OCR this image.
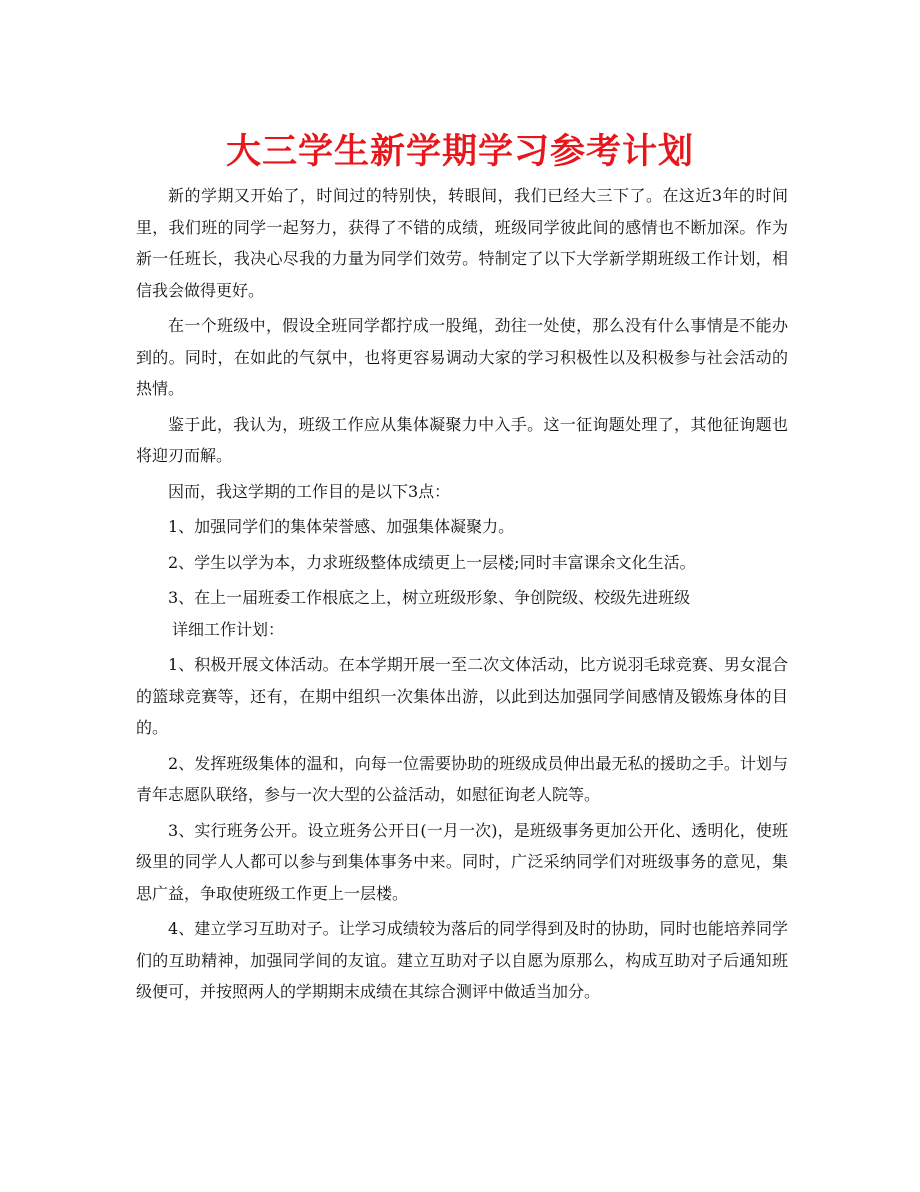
大三学生新学期学习参考计划

新的学期又开始了，时间过的特别快，转眼间，我们已经大三下了。在这近3年的时间里，我们班的同学一起努力，获得了不错的成绩，班级同学彼此间的感情也不断加深。作为新一任班长，我决心尽我的力量为同学们效劳。特制定了以下大学新学期班级工作计划，相信我会做得更好。

在一个班级中，假设全班同学都拧成一股绳，劲往一处使，那么没有什么事情是不能办到的。同时，在如此的气氛中，也将更容易调动大家的学习积极性以及积极参与社会活动的热情。

鉴于此，我认为，班级工作应从集体凝聚力中入手。这一征询题处理了，其他征询题也将迎刃而解。

因而，我这学期的工作目的是以下3点：

1、加强同学们的集体荣誉感、加强集体凝聚力。

2、学生以学为本，力求班级整体成绩更上一层楼;同时丰富课余文化生活。

3、在上一届班委工作根底之上，树立班级形象、争创院级、校级先进班级

详细工作计划：

1、积极开展文体活动。在本学期开展一至二次文体活动，比方说羽毛球竞赛、男女混合的篮球竞赛等，还有，在期中组织一次集体出游，以此到达加强同学间感情及锻炼身体的目的。

2、发挥班级集体的温和，向每一位需要协助的班级成员伸出最无私的援助之手。计划与青年志愿队联络，参与一次大型的公益活动，如慰征询老人院等。

3、实行班务公开。设立班务公开日(一月一次)，是班级事务更加公开化、透明化，使班级里的同学人人都可以参与到集体事务中来。同时，广泛采纳同学们对班级事务的意见，集思广益，争取使班级工作更上一层楼。

4、建立学习互助对子。让学习成绩较为落后的同学得到及时的协助，同时也能培养同学们的互助精神，加强同学间的友谊。建立互助对子以自愿为原那么，构成互助对子后通知班级便可，并按照两人的学期期末成绩在其综合测评中做适当加分。
